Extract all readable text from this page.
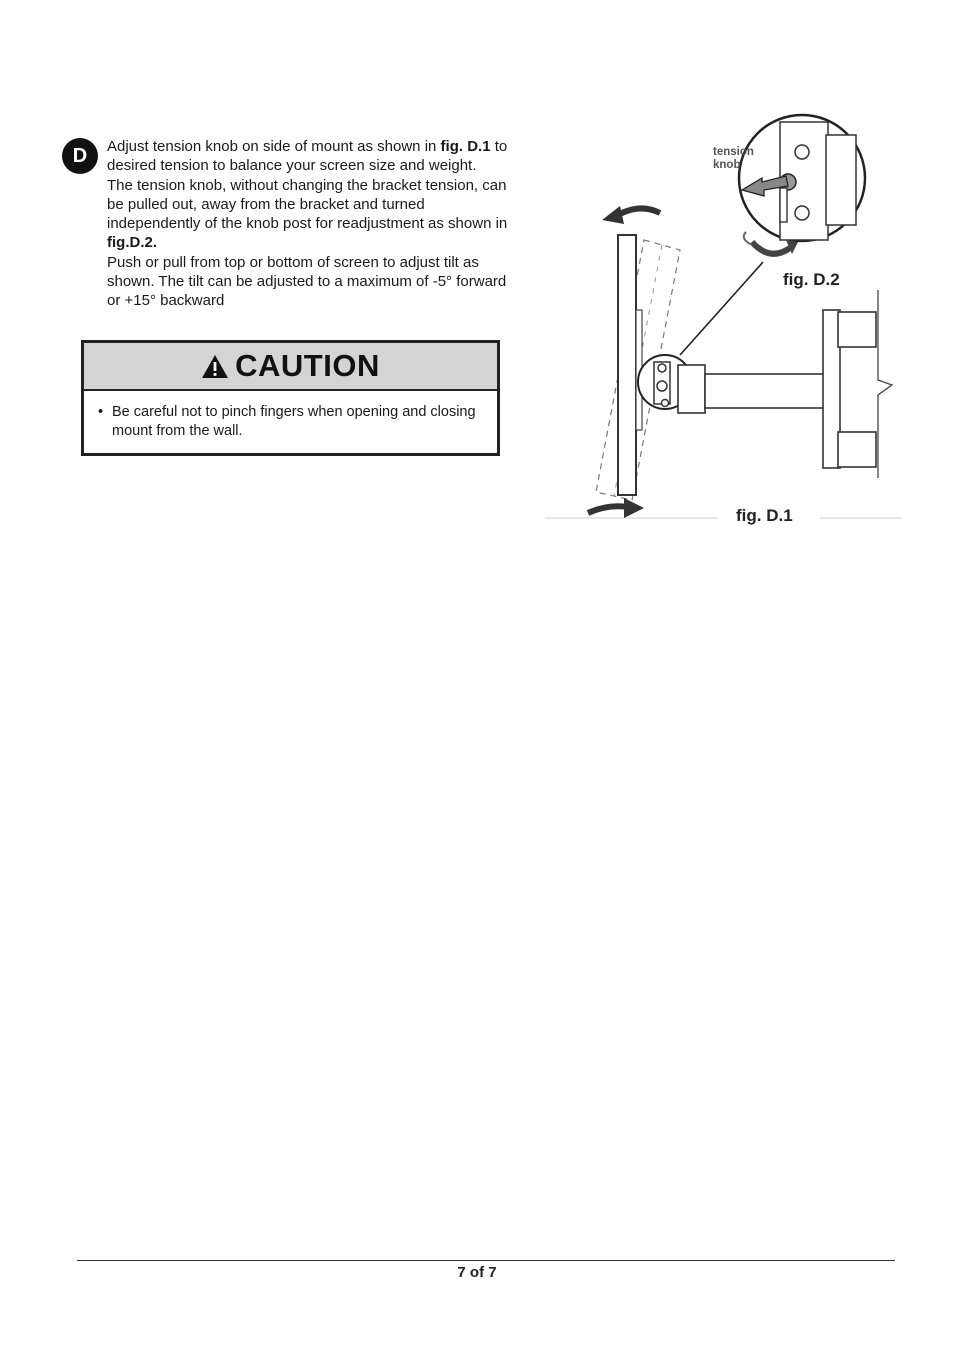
D	Adjust tension knob on side of mount as shown in fig. D.1 to desired tension to balance your screen size and weight.

The tension knob, without changing the bracket tension, can be pulled out, away from the bracket and turned independently of the knob post for readjustment as shown in fig.D.2.

Push or pull from top or bottom of screen to adjust tilt as shown. The tilt can be adjusted to a maximum of -5° forward or +15° backward

CAUTION
• Be careful not to pinch fingers when opening and closing mount from the wall.
tension
knob
fig. D.2
fig. D.1
7 of 7
